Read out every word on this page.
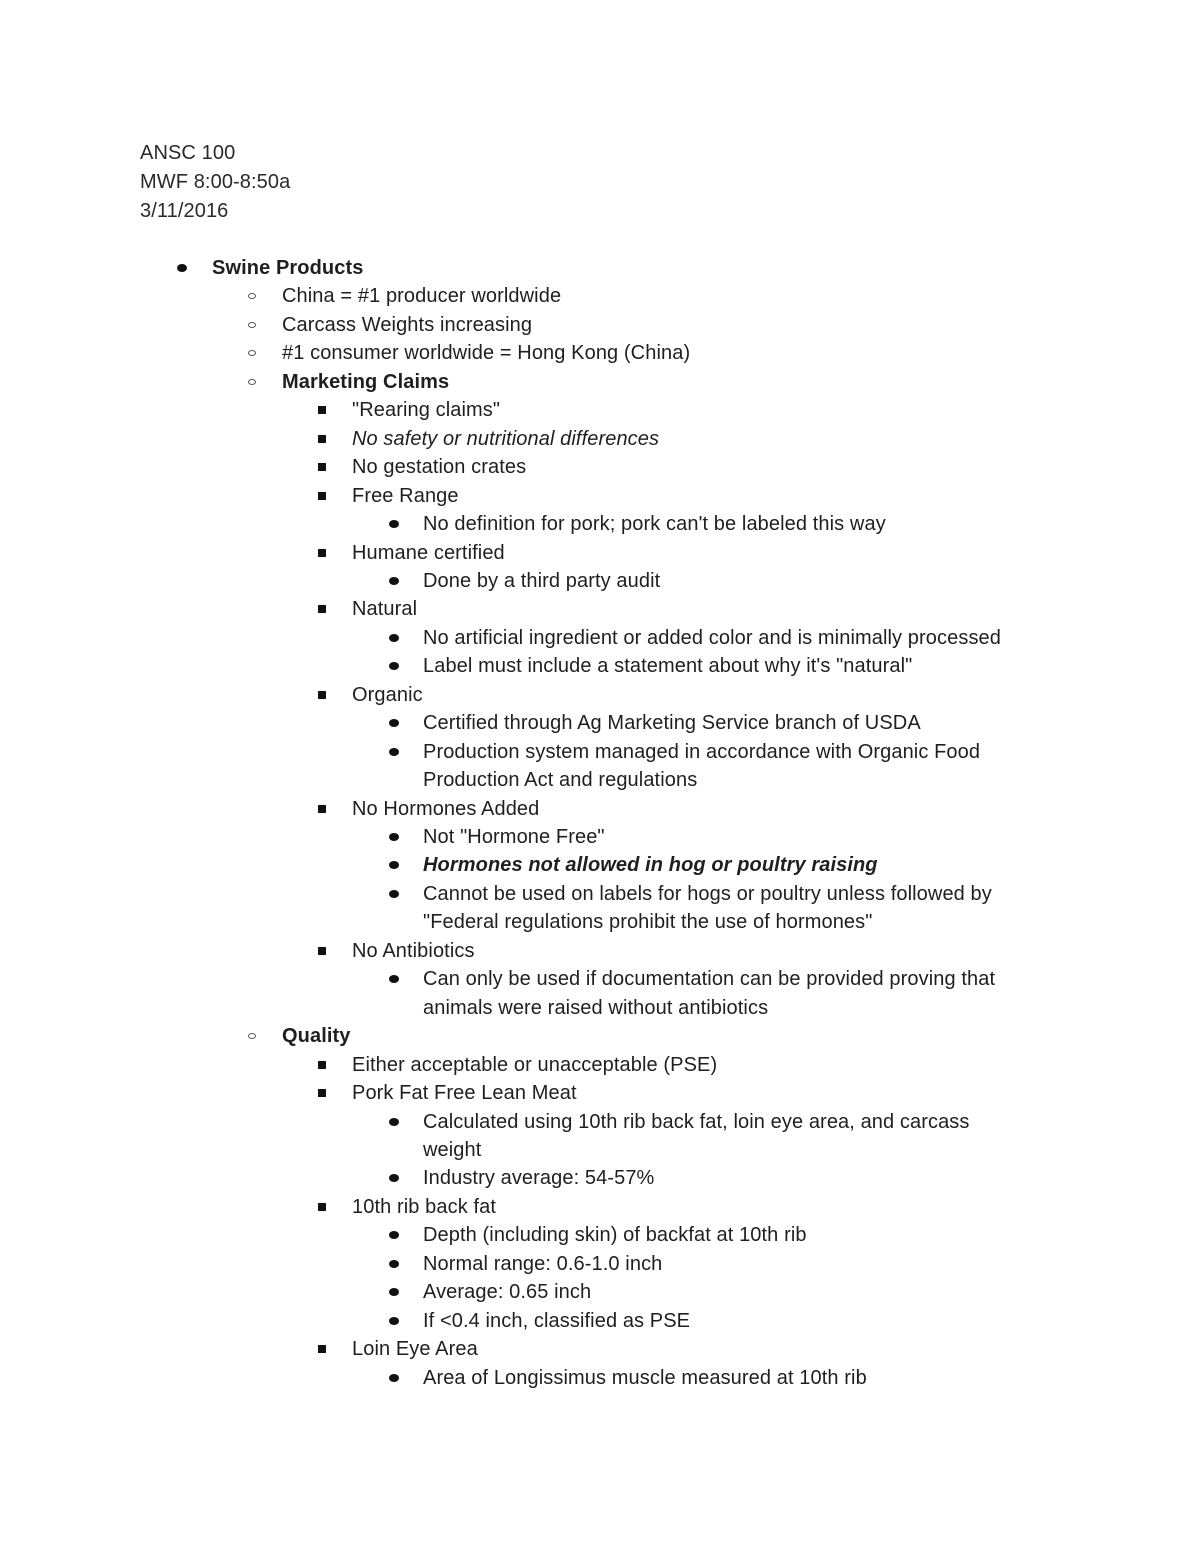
ANSC 100
MWF 8:00-8:50a
3/11/2016
Swine Products
China = #1 producer worldwide
Carcass Weights increasing
#1 consumer worldwide = Hong Kong (China)
Marketing Claims
"Rearing claims"
No safety or nutritional differences
No gestation crates
Free Range
No definition for pork; pork can't be labeled this way
Humane certified
Done by a third party audit
Natural
No artificial ingredient or added color and is minimally processed
Label must include a statement about why it's "natural"
Organic
Certified through Ag Marketing Service branch of USDA
Production system managed in accordance with Organic Food
Production Act and regulations
No Hormones Added
Not "Hormone Free"
Hormones not allowed in hog or poultry raising
Cannot be used on labels for hogs or poultry unless followed by
"Federal regulations prohibit the use of hormones"
No Antibiotics
Can only be used if documentation can be provided proving that
animals were raised without antibiotics
Quality
Either acceptable or unacceptable (PSE)
Pork Fat Free Lean Meat
Calculated using 10th rib back fat, loin eye area, and carcass
weight
Industry average: 54-57%
10th rib back fat
Depth (including skin) of backfat at 10th rib
Normal range: 0.6-1.0 inch
Average: 0.65 inch
If <0.4 inch, classified as PSE
Loin Eye Area
Area of Longissimus muscle measured at 10th rib
